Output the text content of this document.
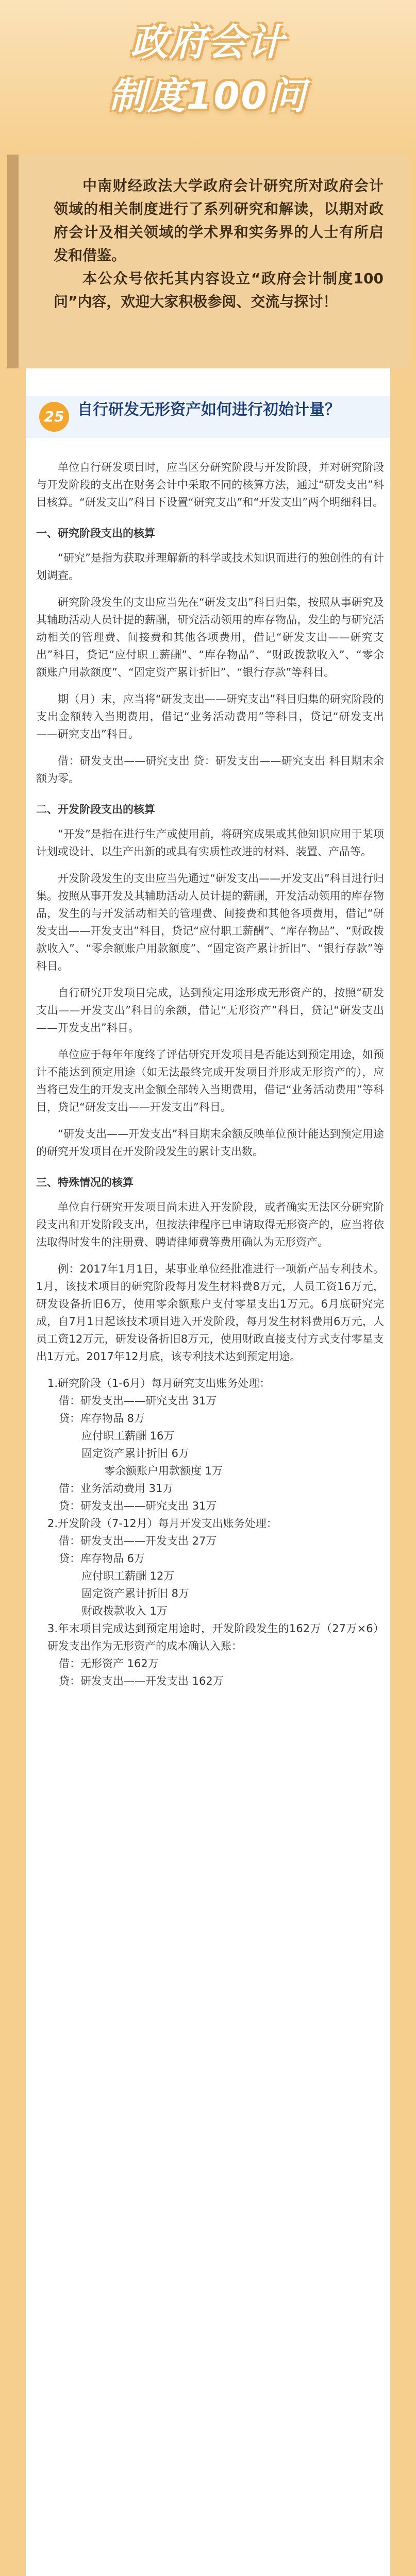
政府会计
制度100问

中南财经政法大学政府会计研究所对政府会计领域的相关制度进行了系列研究和解读，以期对政府会计及相关领域的学术界和实务界的人士有所启发和借鉴。

本公众号依托其内容设立“政府会计制度100问”内容，欢迎大家积极参阅、交流与探讨！

25 自行研发无形资产如何进行初始计量？

单位自行研发项目时，应当区分研究阶段与开发阶段，并对研究阶段与开发阶段的支出在财务会计中采取不同的核算方法，通过“研发支出”科目核算。“研发支出”科目下设置“研究支出”和“开发支出”两个明细科目。

一、研究阶段支出的核算

“研究”是指为获取并理解新的科学或技术知识而进行的独创性的有计划调查。

研究阶段发生的支出应当先在“研发支出”科目归集，按照从事研究及其辅助活动人员计提的薪酬，研究活动领用的库存物品，发生的与研究活动相关的管理费、间接费和其他各项费用，借记“研发支出——研究支出”科目，贷记“应付职工薪酬”、“库存物品”、“财政拨款收入”、“零余额账户用款额度”、“固定资产累计折旧”、“银行存款”等科目。

期（月）末，应当将“研发支出——研究支出”科目归集的研究阶段的支出金额转入当期费用，借记“业务活动费用”等科目，贷记“研发支出——研究支出”科目。

借：研发支出——研究支出 贷：研发支出——研究支出 科目期末余额为零。

二、开发阶段支出的核算

“开发”是指在进行生产或使用前，将研究成果或其他知识应用于某项计划或设计，以生产出新的或具有实质性改进的材料、装置、产品等。

开发阶段发生的支出应当先通过“研发支出——开发支出”科目进行归集。按照从事开发及其辅助活动人员计提的薪酬，开发活动领用的库存物品，发生的与开发活动相关的管理费、间接费和其他各项费用，借记“研发支出——开发支出”科目，贷记“应付职工薪酬”、“库存物品”、“财政拨款收入”、“零余额账户用款额度”、“固定资产累计折旧”、“银行存款”等科目。

自行研究开发项目完成，达到预定用途形成无形资产的，按照“研发支出——开发支出”科目的余额，借记“无形资产”科目，贷记“研发支出——开发支出”科目。

单位应于每年年度终了评估研究开发项目是否能达到预定用途，如预计不能达到预定用途（如无法最终完成开发项目并形成无形资产的），应当将已发生的开发支出金额全部转入当期费用，借记“业务活动费用”等科目，贷记“研发支出——开发支出”科目。

“研发支出——开发支出”科目期末余额反映单位预计能达到预定用途的研究开发项目在开发阶段发生的累计支出数。

三、特殊情况的核算

单位自行研究开发项目尚未进入开发阶段，或者确实无法区分研究阶段支出和开发阶段支出，但按法律程序已申请取得无形资产的，应当将依法取得时发生的注册费、聘请律师费等费用确认为无形资产。

例：2017年1月1日，某事业单位经批准进行一项新产品专利技术。1月，该技术项目的研究阶段每月发生材料费8万元，人员工资16万元，研发设备折旧6万，使用零余额账户支付零星支出1万元。6月底研究完成，自7月1日起该技术项目进入开发阶段，每月发生材料费用6万元，人员工资12万元，研发设备折旧8万元，使用财政直接支付方式支付零星支出1万元。2017年12月底，该专利技术达到预定用途。

1.研究阶段（1-6月）每月研究支出账务处理：

借：研发支出——研究支出 31万

贷：库存物品 8万

应付职工薪酬 16万

固定资产累计折旧 6万

零余额账户用款额度 1万

借：业务活动费用 31万

贷：研发支出——研究支出 31万

2.开发阶段（7-12月）每月开发支出账务处理：

借：研发支出——开发支出 27万

贷：库存物品 6万

应付职工薪酬 12万

固定资产累计折旧 8万

财政拨款收入 1万

3.年末项目完成达到预定用途时，开发阶段发生的162万（27万×6）研发支出作为无形资产的成本确认入账：

借：无形资产 162万

贷：研发支出——开发支出 162万
